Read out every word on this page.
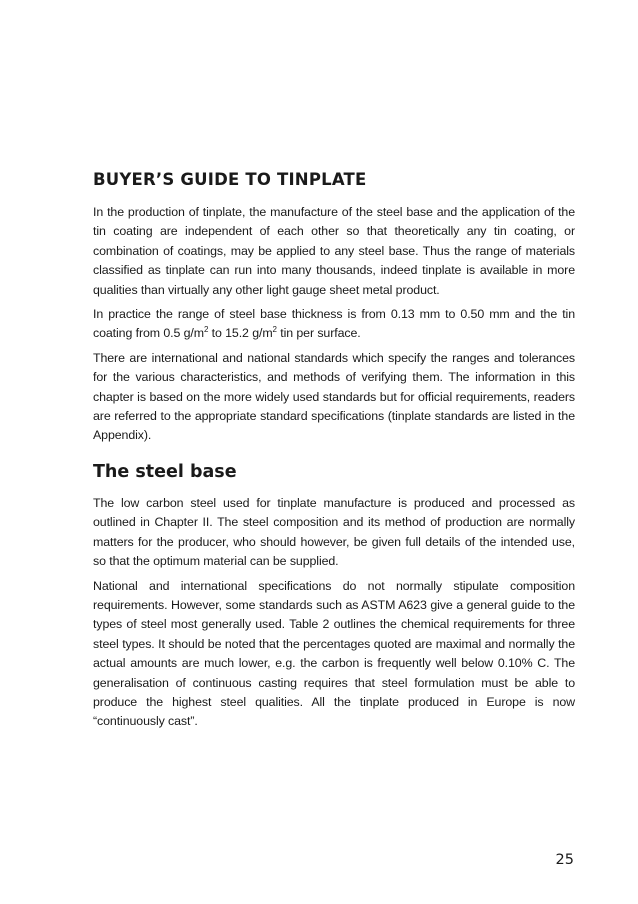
BUYER’S GUIDE TO TINPLATE

In the production of tinplate, the manufacture of the steel base and the application of the tin coating are independent of each other so that theoretically any tin coating, or combination of coatings, may be applied to any steel base. Thus the range of materials classified as tinplate can run into many thousands, indeed tinplate is available in more qualities than virtually any other light gauge sheet metal product.

In practice the range of steel base thickness is from 0.13 mm to 0.50 mm and the tin coating from 0.5 $g/m^2$ to 15.2 $g/m^2$ tin per surface.

There are international and national standards which specify the ranges and tolerances for the various characteristics, and methods of verifying them. The information in this chapter is based on the more widely used standards but for official requirements, readers are referred to the appropriate standard specifications (tinplate standards are listed in the Appendix).

The steel base

The low carbon steel used for tinplate manufacture is produced and processed as outlined in Chapter II. The steel composition and its method of production are normally matters for the producer, who should however, be given full details of the intended use, so that the optimum material can be supplied.

National and international specifications do not normally stipulate composition requirements. However, some standards such as ASTM A623 give a general guide to the types of steel most generally used. Table 2 outlines the chemical requirements for three steel types. It should be noted that the percentages quoted are maximal and normally the actual amounts are much lower, e.g. the carbon is frequently well below 0.10% C. The generalisation of continuous casting requires that steel formulation must be able to produce the highest steel qualities. All the tinplate produced in Europe is now “continuously cast”.

25
